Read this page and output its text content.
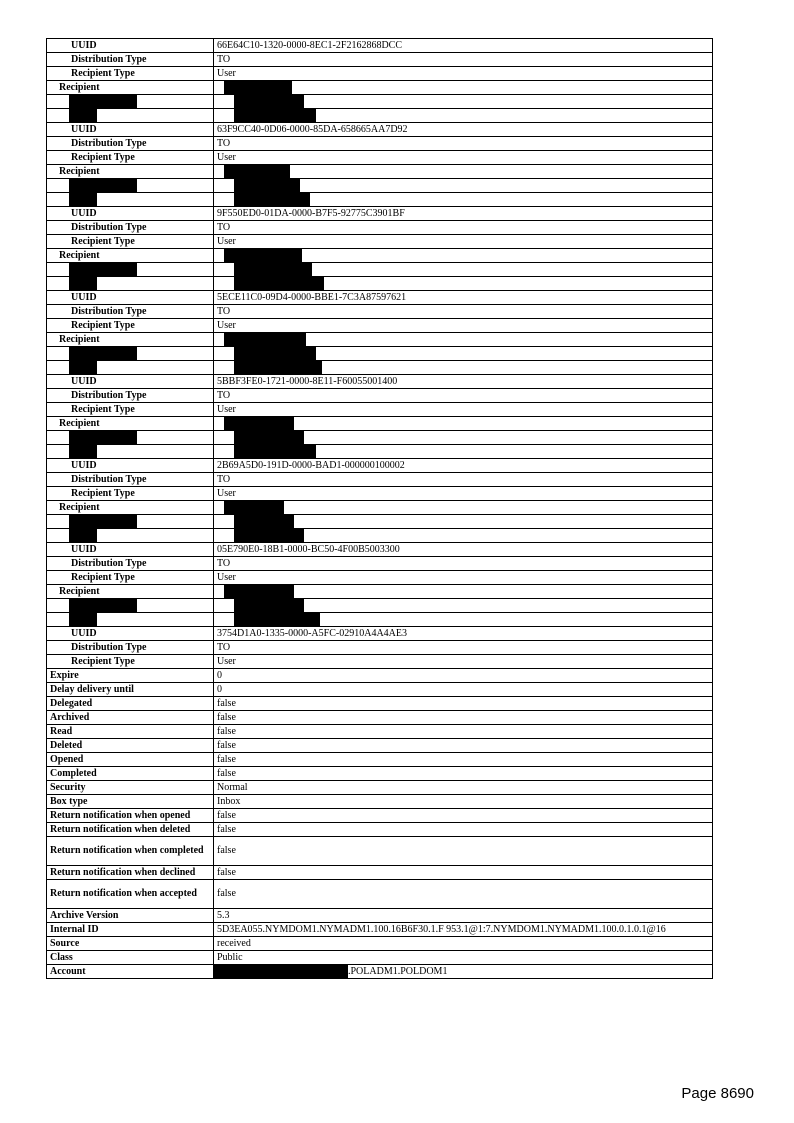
UUID	66E64C10-1320-0000-8EC1-2F2162868DCC
Distribution Type	TO
Recipient Type	User
Recipient	

UUID	63F9CC40-0D06-0000-85DA-658665AA7D92
Distribution Type	TO
Recipient Type	User
Recipient	

UUID	9F550ED0-01DA-0000-B7F5-92775C3901BF
Distribution Type	TO
Recipient Type	User
Recipient	

UUID	5ECE11C0-09D4-0000-BBE1-7C3A87597621
Distribution Type	TO
Recipient Type	User
Recipient	

UUID	5BBF3FE0-1721-0000-8E11-F60055001400
Distribution Type	TO
Recipient Type	User
Recipient	

UUID	2B69A5D0-191D-0000-BAD1-000000100002
Distribution Type	TO
Recipient Type	User
Recipient	

UUID	05E790E0-18B1-0000-BC50-4F00B5003300
Distribution Type	TO
Recipient Type	User
Recipient	

UUID	3754D1A0-1335-0000-A5FC-02910A4A4AE3
Distribution Type	TO
Recipient Type	User
Expire	0
Delay delivery until	0
Delegated	false
Archived	false
Read	false
Deleted	false
Opened	false
Completed	false
Security	Normal
Box type	Inbox
Return notification when opened	false
Return notification when deleted	false
Return notification when completed	false
Return notification when declined	false
Return notification when accepted	false
Archive Version	5.3
Internal ID	5D3EA055.NYMDOM1.NYMADM1.100.16B6F30.1.F 953.1@1:7.NYMDOM1.NYMADM1.100.0.1.0.1@16
Source	received
Class	Public
Account	.POLADM1.POLDOM1
Page 8690
